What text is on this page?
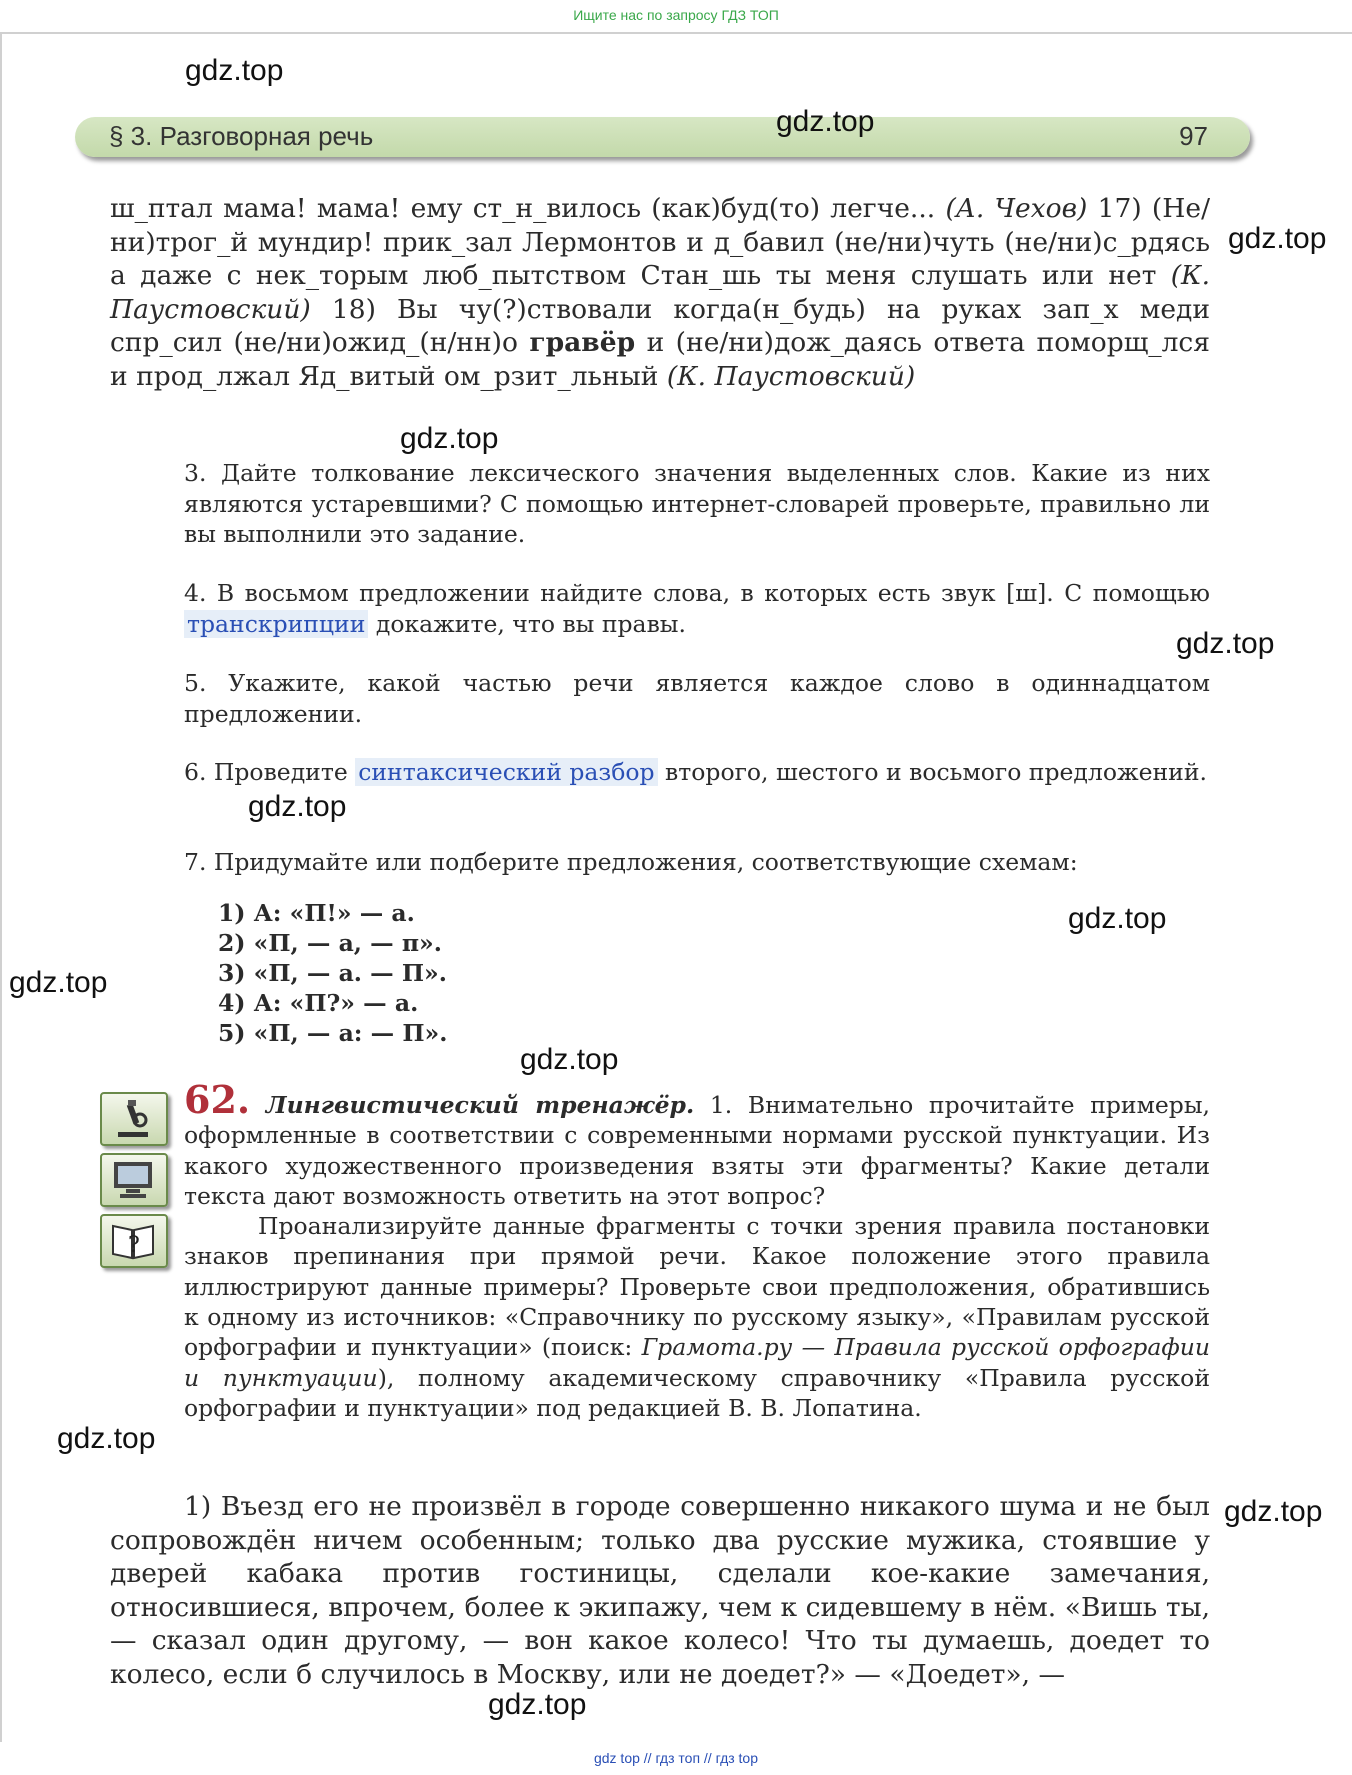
Ищите нас по запросу ГДЗ ТОП
§ 3. Разговорная речь	97
ш_птал мама! мама! ему ст_н_вилось (как)буд(то) легче... (А. Чехов) 17) (Не/ни)трог_й мундир! прик_зал Лермонтов и д_бавил (не/ни)чуть (не/ни)с_рдясь а даже с нек_торым люб_пытством Стан_шь ты меня слушать или нет (К. Паустовский) 18) Вы чу(?)ствовали когда(н_будь) на руках зап_х меди спр_сил (не/ни)ожид_(н/нн)о гравёр и (не/ни)дож_даясь ответа поморщ_лся и прод_лжал Яд_витый ом_рзит_льный (К. Паустовский)
3. Дайте толкование лексического значения выделенных слов. Какие из них являются устаревшими? С помощью интернет-словарей проверьте, правильно ли вы выполнили это задание.
4. В восьмом предложении найдите слова, в которых есть звук [ш]. С помощью транскрипции докажите, что вы правы.
5. Укажите, какой частью речи является каждое слово в одиннадцатом предложении.
6. Проведите синтаксический разбор второго, шестого и восьмого предложений.
7. Придумайте или подберите предложения, соответствующие схемам:
1) А: «П!» — а.
2) «П, — а, — п».
3) «П, — а. — П».
4) А: «П?» — а.
5) «П, — а: — П».
?
62. Лингвистический тренажёр. 1. Внимательно прочитайте примеры, оформленные в соответствии с современными нормами русской пунктуации. Из какого художественного произведения взяты эти фрагменты? Какие детали текста дают возможность ответить на этот вопрос?
Проанализируйте данные фрагменты с точки зрения правила постановки знаков препинания при прямой речи. Какое положение этого правила иллюстрируют данные примеры? Проверьте свои предположения, обратившись к одному из источников: «Справочнику по русскому языку», «Правилам русской орфографии и пунктуации» (поиск: Грамота.ру — Правила русской орфографии и пунктуации), полному академическому справочнику «Правила русской орфографии и пунктуации» под редакцией В. В. Лопатина.
1) Въезд его не произвёл в городе совершенно никакого шума и не был сопровождён ничем особенным; только два русские мужика, стоявшие у дверей кабака против гостиницы, сделали кое-какие замечания, относившиеся, впрочем, более к экипажу, чем к сидевшему в нём. «Вишь ты, — сказал один другому, — вон какое колесо! Что ты думаешь, доедет то колесо, если б случилось в Москву, или не доедет?» — «Доедет», —
gdz.top
gdz.top
gdz.top
gdz.top
gdz.top
gdz.top
gdz.top
gdz.top
gdz.top
gdz.top
gdz.top
gdz.top
gdz top // гдз топ // гдз top
